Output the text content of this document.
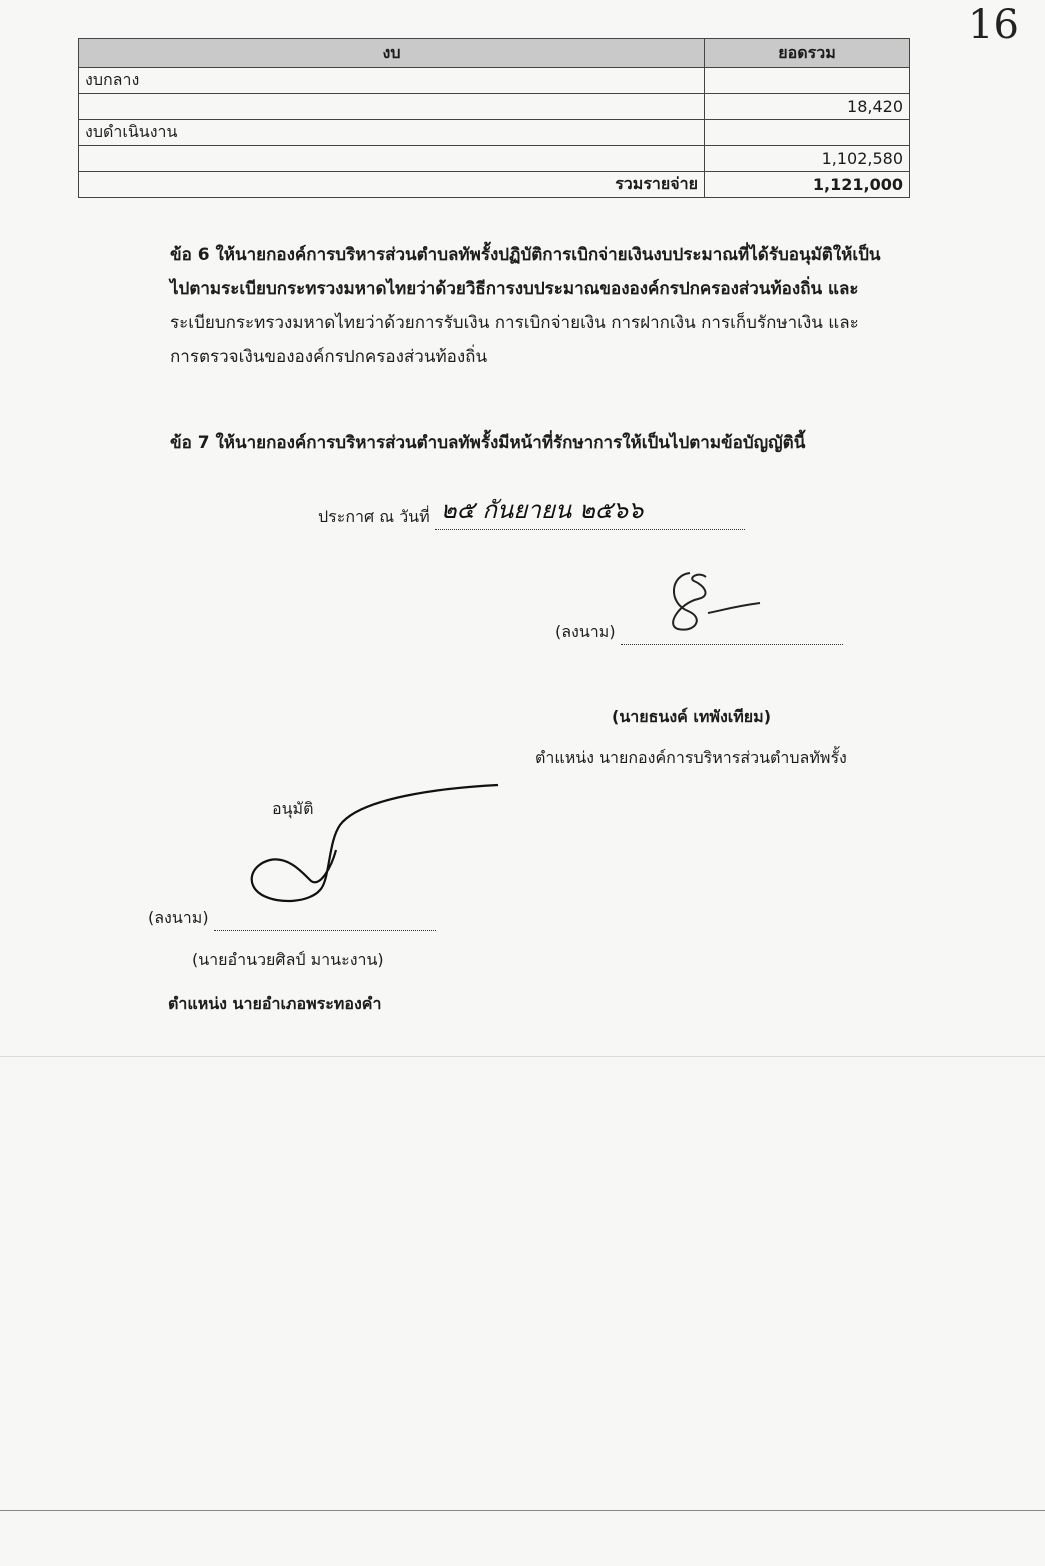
16
งบ	ยอดรวม
งบกลาง	
	18,420
งบดำเนินงาน	
	1,102,580
รวมรายจ่าย	1,121,000
ข้อ 6 ให้นายกองค์การบริหารส่วนตำบลทัพรั้งปฏิบัติการเบิกจ่ายเงินงบประมาณที่ได้รับอนุมัติให้เป็น
ไปตามระเบียบกระทรวงมหาดไทยว่าด้วยวิธีการงบประมาณขององค์กรปกครองส่วนท้องถิ่น และ
ระเบียบกระทรวงมหาดไทยว่าด้วยการรับเงิน การเบิกจ่ายเงิน การฝากเงิน การเก็บรักษาเงิน และ
การตรวจเงินขององค์กรปกครองส่วนท้องถิ่น
ข้อ 7 ให้นายกองค์การบริหารส่วนตำบลทัพรั้งมีหน้าที่รักษาการให้เป็นไปตามข้อบัญญัตินี้
ประกาศ ณ วันที่ ๒๕ กันยายน ๒๕๖๖
(ลงนาม)
(นายธนงค์ เทพังเทียม)
ตำแหน่ง นายกองค์การบริหารส่วนตำบลทัพรั้ง
อนุมัติ
(ลงนาม)
(นายอำนวยศิลป์ มานะงาน)
ตำแหน่ง นายอำเภอพระทองคำ
